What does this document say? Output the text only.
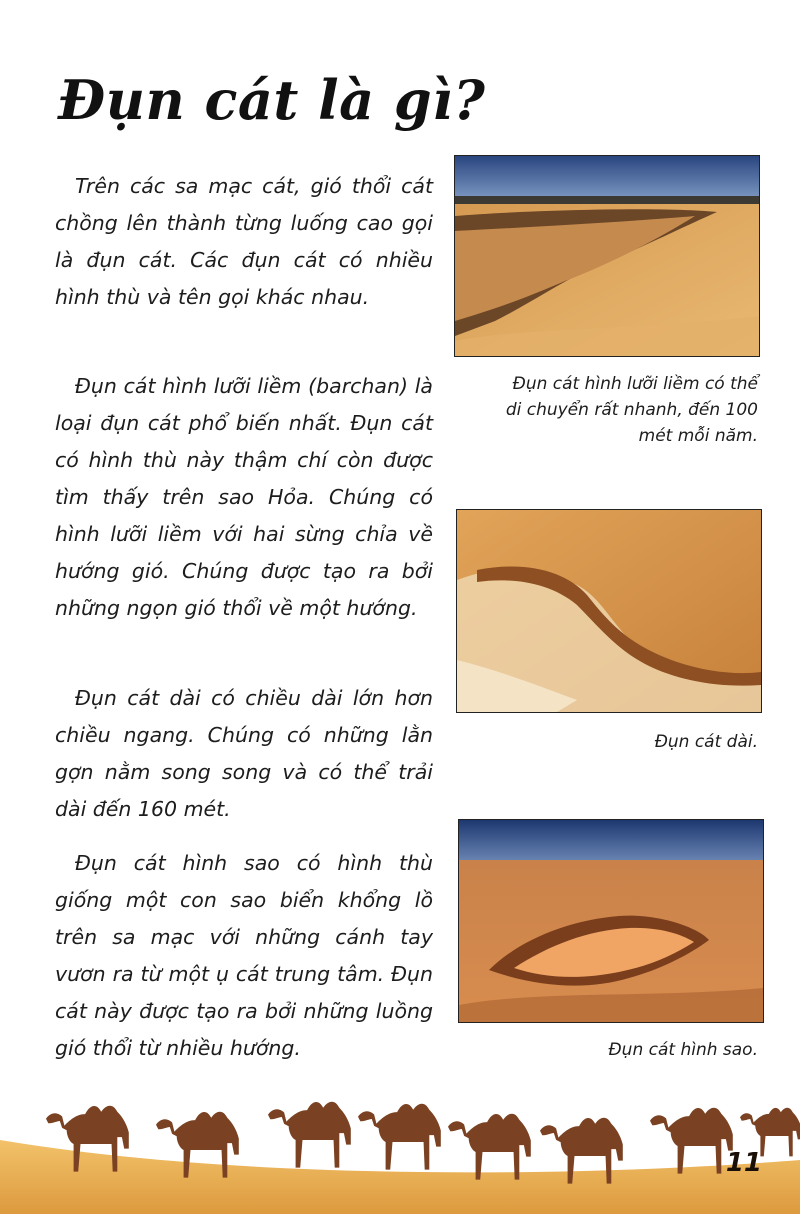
Đụn cát là gì?

Trên các sa mạc cát, gió thổi cát chồng lên thành từng luống cao gọi là đụn cát. Các đụn cát có nhiều hình thù và tên gọi khác nhau.

Đụn cát hình lưỡi liềm (barchan) là loại đụn cát phổ biến nhất. Đụn cát có hình thù này thậm chí còn được tìm thấy trên sao Hỏa. Chúng có hình lưỡi liềm với hai sừng chỉa về hướng gió. Chúng được tạo ra bởi những ngọn gió thổi về một hướng.

Đụn cát dài có chiều dài lớn hơn chiều ngang. Chúng có những lằn gợn nằm song song và có thể trải dài đến 160 mét.

Đụn cát hình sao có hình thù giống một con sao biển khổng lồ trên sa mạc với những cánh tay vươn ra từ một ụ cát trung tâm. Đụn cát này được tạo ra bởi những luồng gió thổi từ nhiều hướng.

Đụn cát hình lưỡi liềm có thể di chuyển rất nhanh, đến 100 mét mỗi năm.

Đụn cát dài.

Đụn cát hình sao.

11
